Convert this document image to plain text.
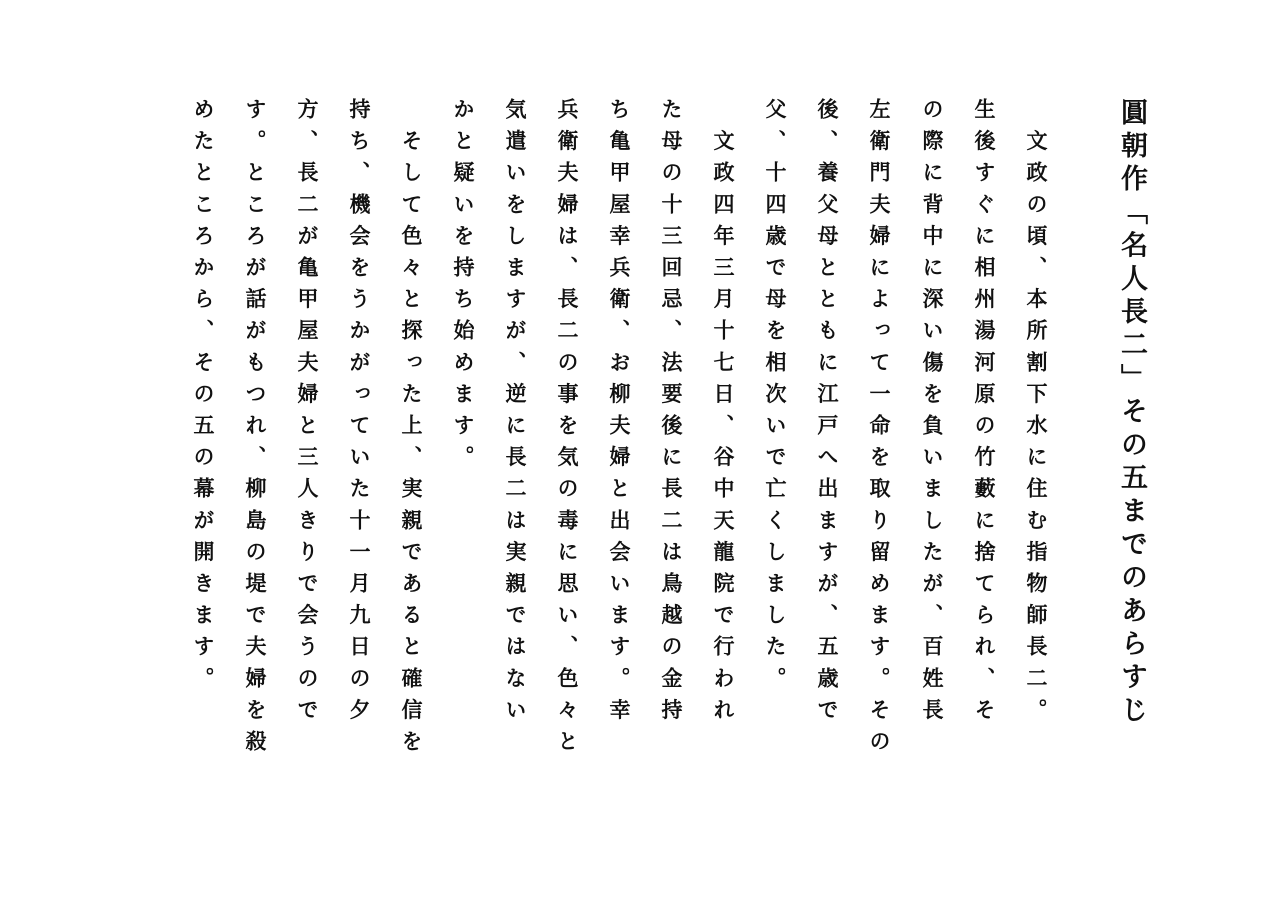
圓朝作「名人長二」その五までのあらすじ
　文政の頃、本所割下水に住む指物師長二。
生後すぐに相州湯河原の竹藪に捨てられ、そ
の際に背中に深い傷を負いましたが、百姓長
左衛門夫婦によって一命を取り留めます。その
後、養父母とともに江戸へ出ますが、五歳で
父、十四歳で母を相次いで亡くしました。
　文政四年三月十七日、谷中天龍院で行われ
た母の十三回忌、法要後に長二は鳥越の金持
ち亀甲屋幸兵衛、お柳夫婦と出会います。幸
兵衛夫婦は、長二の事を気の毒に思い、色々と
気遣いをしますが、逆に長二は実親ではない
かと疑いを持ち始めます。
　そして色々と探った上、実親であると確信を
持ち、機会をうかがっていた十一月九日の夕
方、長二が亀甲屋夫婦と三人きりで会うので
す。ところが話がもつれ、柳島の堤で夫婦を殺
めたところから、その五の幕が開きます。
